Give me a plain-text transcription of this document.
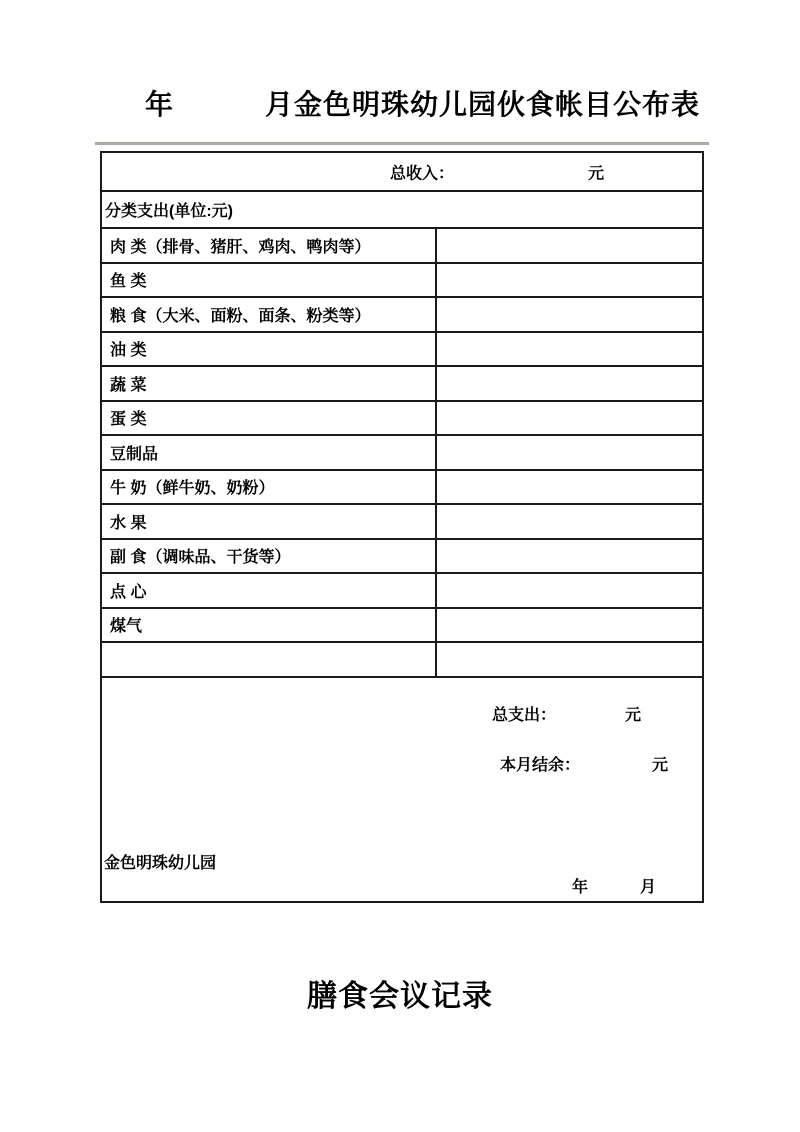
年	月金色明珠幼儿园伙食帐目公布表
总收入： 元	

分类支出(单位:元)	
肉 类（排骨、猪肝、鸡肉、鸭肉等）	
鱼 类	
粮 食（大米、面粉、面条、粉类等）	
油 类	
蔬 菜	
蛋 类	
豆制品	
牛 奶（鲜牛奶、奶粉）	
水 果	
副 食（调味品、干货等）	
点 心	
煤气	

总支出：	元
本月结余：	元
金色明珠幼儿园
年	月
膳食会议记录
